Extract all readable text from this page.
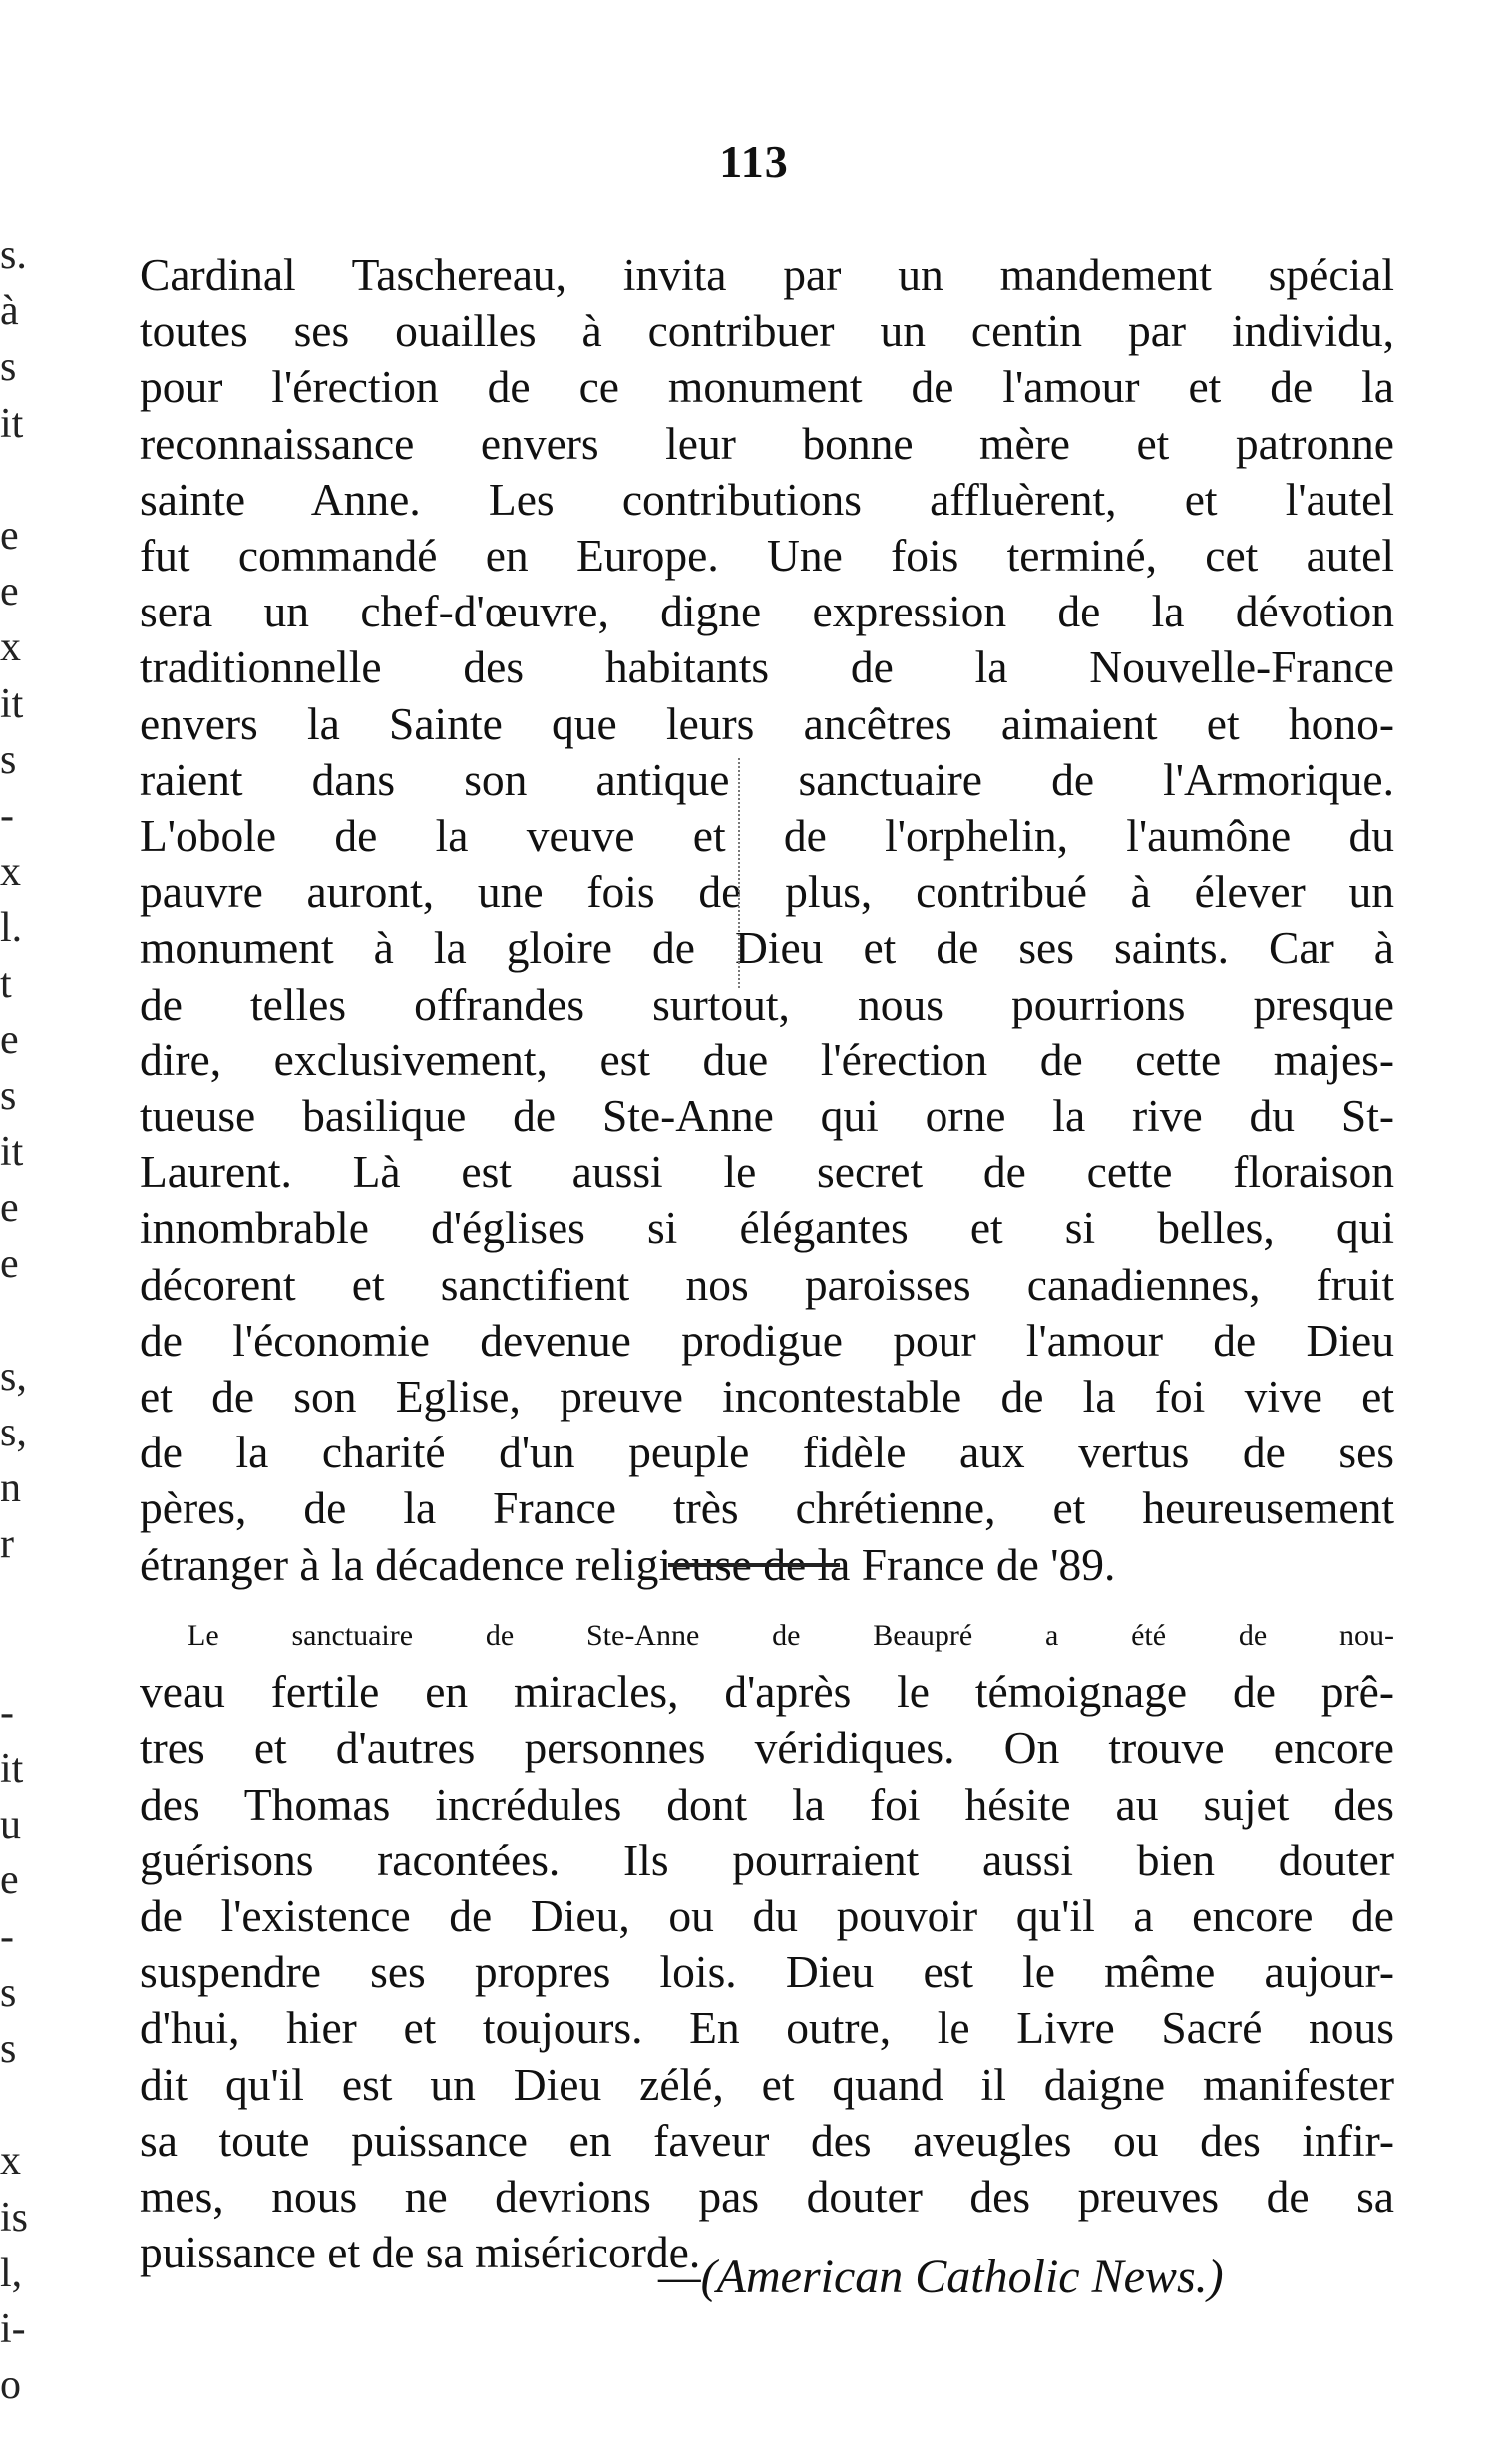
s.
à
s
it
e
e
x
it
s
-
x
l.
t
e
s
it
e
e
s,
s,
n
r
-
it
u
e
-
s
s
x
is
l,
i-
o
113
Cardinal Taschereau, invita par un mandement spécial
toutes ses ouailles à contribuer un centin par individu,
pour l'érection de ce monument de l'amour et de la
reconnaissance envers leur bonne mère et patronne
sainte Anne. Les contributions affluèrent, et l'autel
fut commandé en Europe. Une fois terminé, cet autel
sera un chef-d'œuvre, digne expression de la dévotion
traditionnelle des habitants de la Nouvelle-France
envers la Sainte que leurs ancêtres aimaient et hono-
raient dans son antique sanctuaire de l'Armorique.
L'obole de la veuve et de l'orphelin, l'aumône du
pauvre auront, une fois de plus, contribué à élever un
monument à la gloire de Dieu et de ses saints. Car à
de telles offrandes surtout, nous pourrions presque
dire, exclusivement, est due l'érection de cette majes-
tueuse basilique de Ste-Anne qui orne la rive du St-
Laurent. Là est aussi le secret de cette floraison
innombrable d'églises si élégantes et si belles, qui
décorent et sanctifient nos paroisses canadiennes, fruit
de l'économie devenue prodigue pour l'amour de Dieu
et de son Eglise, preuve incontestable de la foi vive et
de la charité d'un peuple fidèle aux vertus de ses
pères, de la France très chrétienne, et heureusement
étranger à la décadence religieuse de la France de '89.
Le sanctuaire de Ste-Anne de Beaupré a été de nou-
veau fertile en miracles, d'après le témoignage de prê-
tres et d'autres personnes véridiques. On trouve encore
des Thomas incrédules dont la foi hésite au sujet des
guérisons racontées. Ils pourraient aussi bien douter
de l'existence de Dieu, ou du pouvoir qu'il a encore de
suspendre ses propres lois. Dieu est le même aujour-
d'hui, hier et toujours. En outre, le Livre Sacré nous
dit qu'il est un Dieu zélé, et quand il daigne manifester
sa toute puissance en faveur des aveugles ou des infir-
mes, nous ne devrions pas douter des preuves de sa
puissance et de sa miséricorde.
—(American Catholic News.)
